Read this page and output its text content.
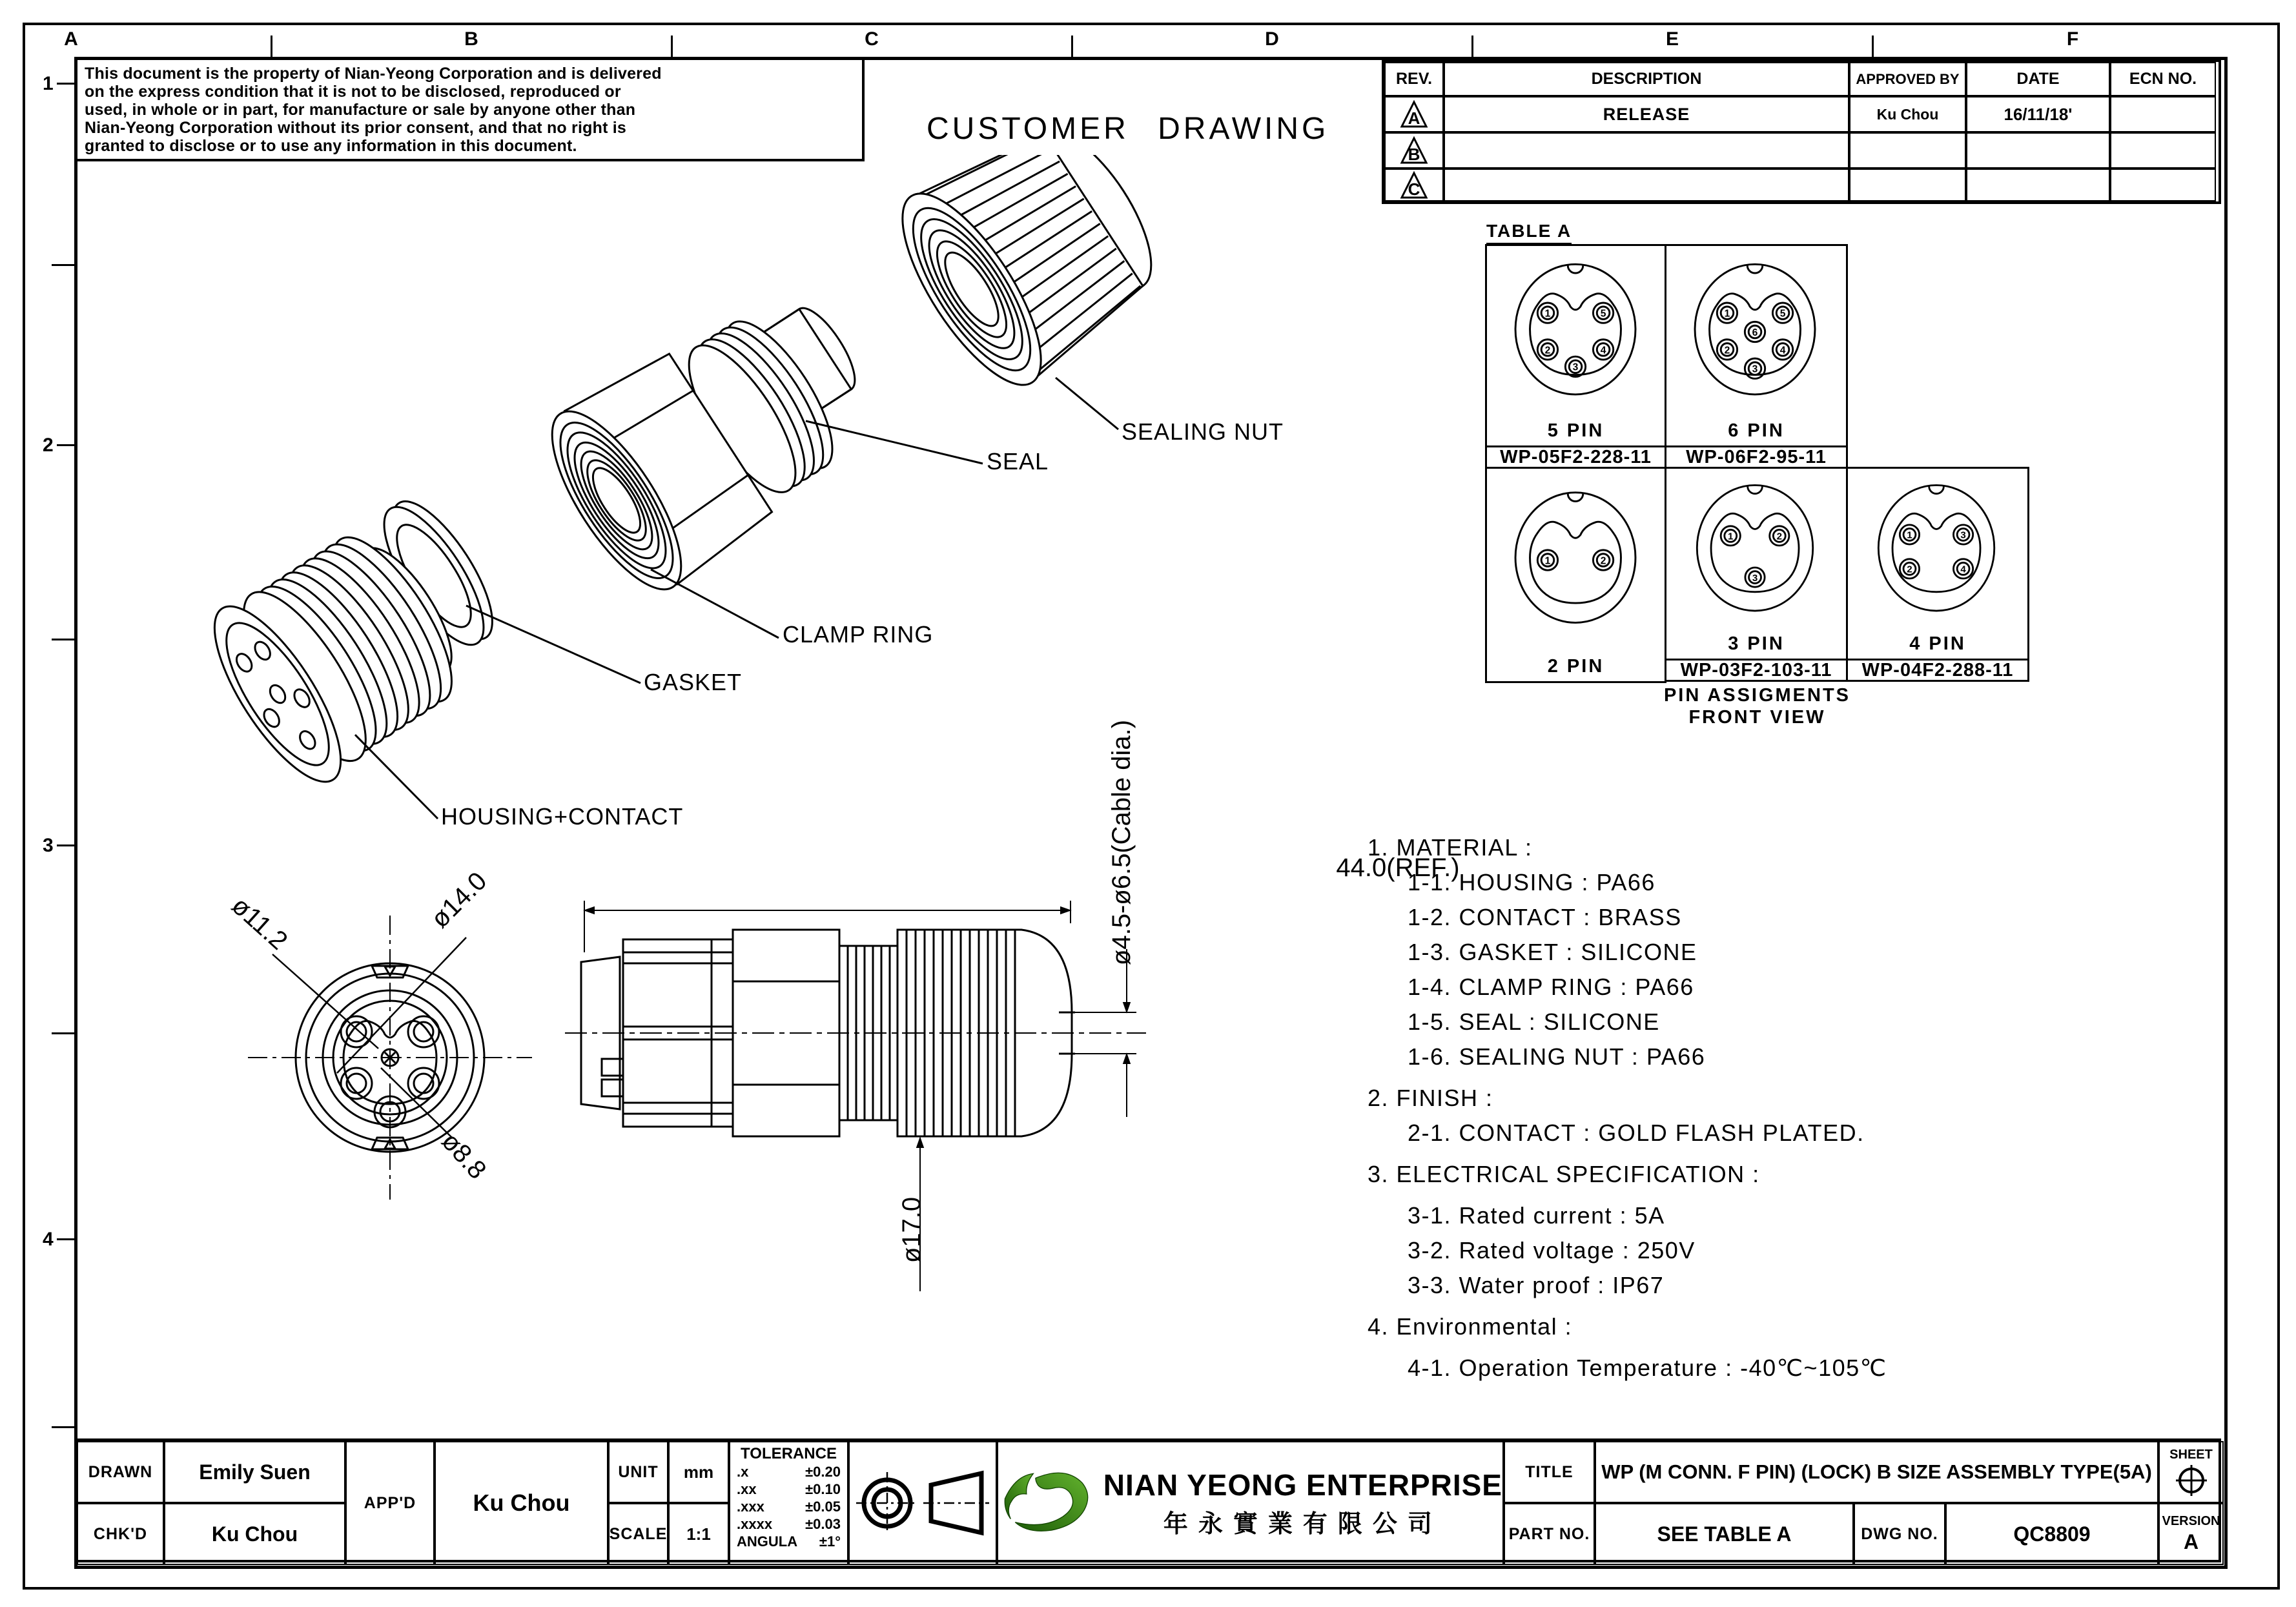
A	B	C	D	E	F
1
2
3
4
This document is the property of Nian-Yeong Corporation and is delivered
on the express condition that it is not to be disclosed, reproduced or
used, in whole or in part, for manufacture or sale by anyone other than
Nian-Yeong Corporation without its prior consent, and that no right is
granted to disclose or to use any information in this document.	CUSTOMER DRAWING
REV.	DESCRIPTION	APPROVED BY	DATE	ECN NO.
A	RELEASE	Ku Chou	16/11/18'
B
C
TABLE A
1	5
2	4
3
5 PIN
1	5
6
2	4
3
6 PIN
WP-05F2-228-11	WP-06F2-95-11
1	2
2 PIN
1	2
3
3 PIN
1	3
2	4
4 PIN
WP-03F2-103-11	WP-04F2-288-11
PIN ASSIGMENTS
FRONT VIEW
SEALING NUT
SEAL
CLAMP RING
GASKET
HOUSING+CONTACT
ø11.2	ø14.0
ø8.8
44.0(REF.)
ø4.5-ø6.5(Cable dia.)
ø17.0
1. MATERIAL :
1-1. HOUSING : PA66
1-2. CONTACT : BRASS
1-3. GASKET : SILICONE
1-4. CLAMP RING : PA66
1-5. SEAL : SILICONE
1-6. SEALING NUT : PA66
2. FINISH :
2-1. CONTACT : GOLD FLASH PLATED.
3. ELECTRICAL SPECIFICATION :
3-1. Rated current : 5A
3-2. Rated voltage : 250V
3-3. Water proof : IP67
4. Environmental :
4-1. Operation Temperature : -40℃~105℃
DRAWN	Emily Suen
CHK'D	Ku Chou
APP'D	Ku Chou
UNIT	mm
SCALE	1:1
TOLERANCE
.x	±0.20
.xx	±0.10
.xxx	±0.05
.xxxx ±0.03
ANGULA ±1°
NIAN YEONG ENTERPRISE
年永實業有限公司
TITLE	WP (M CONN. F PIN) (LOCK) B SIZE ASSEMBLY TYPE(5A)
SHEET
PART NO.	SEE TABLE A	DWG NO.	QC8809
VERSION
A
